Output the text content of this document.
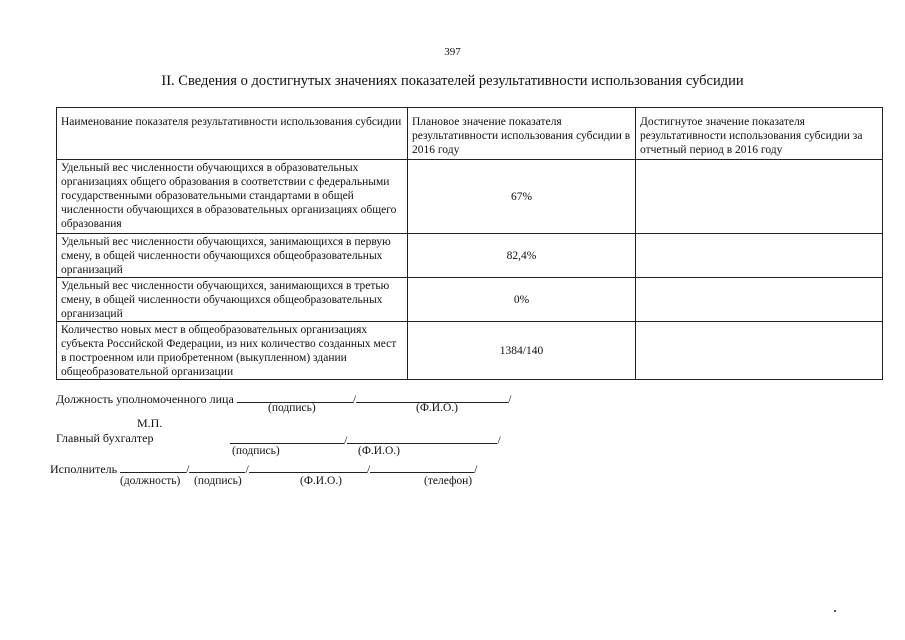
397
II. Сведения о достигнутых значениях показателей результативности использования субсидии
Наименование показателя результативности использования субсидии	Плановое значение показателя результативности использования субсидии в 2016 году	Достигнутое значение показателя результативности использования субсидии за отчетный период в 2016 году
Удельный вес численности обучающихся в образовательных организациях общего образования в соответствии с федеральными государственными образовательными стандартами в общей численности обучающихся в образовательных организациях общего образования	67%	
Удельный вес численности обучающихся, занимающихся в первую смену, в общей численности обучающихся общеобразовательных организаций	82,4%	
Удельный вес численности обучающихся, занимающихся в третью смену, в общей численности обучающихся общеобразовательных организаций	0%	
Количество новых мест в общеобразовательных организациях субъекта Российской Федерации, из них количество созданных мест в построенном или приобретенном (выкупленном) здании общеобразовательной организации	1384/140	
Должность уполномоченного лица	/	/
(подпись)	(Ф.И.О.)
М.П.
Главный бухгалтер	/	/
(подпись)	(Ф.И.О.)
Исполнитель	/	/	/	/
(должность) (подпись)	(Ф.И.О.)	(телефон)
